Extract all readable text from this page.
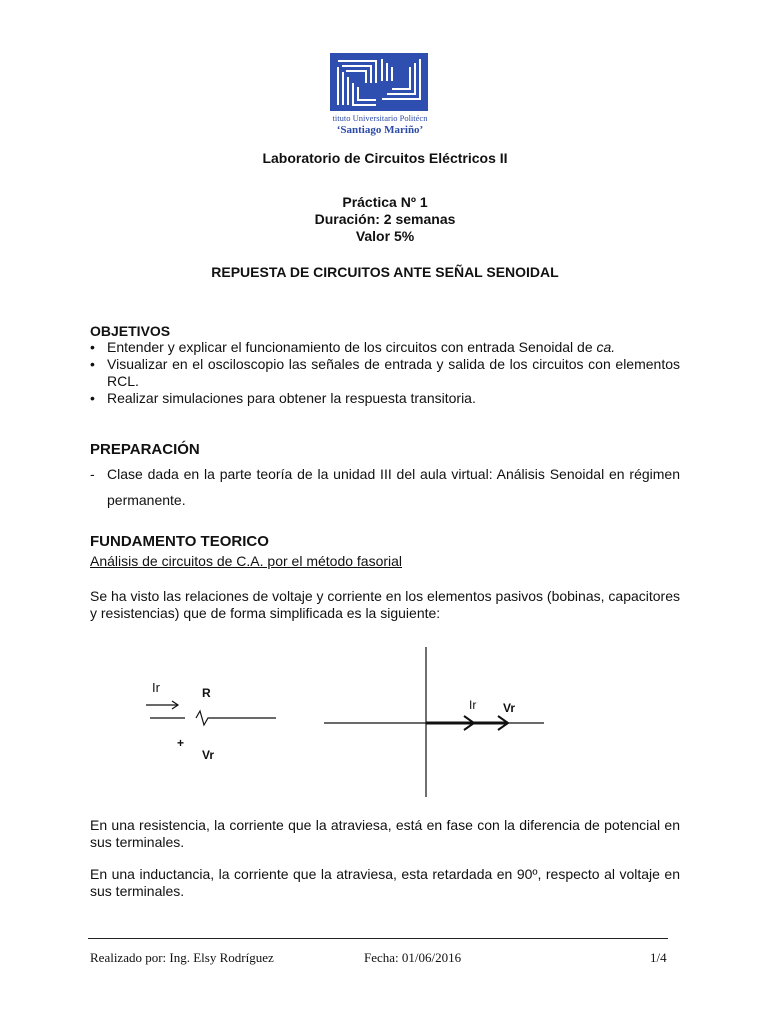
tituto Universitario Politécn
‘Santiago Mariño’
Laboratorio de Circuitos Eléctricos II
Práctica Nº 1
Duración: 2 semanas
Valor 5%
REPUESTA DE CIRCUITOS ANTE SEÑAL SENOIDAL
OBJETIVOS
• Entender y explicar el funcionamiento de los circuitos con entrada Senoidal de ca.
• Visualizar en el osciloscopio las señales de entrada y salida de los circuitos con elementos RCL.
• Realizar simulaciones para obtener la respuesta transitoria.
PREPARACIÓN
- Clase dada en la parte teoría de la unidad III del aula virtual: Análisis Senoidal en régimen permanente.
FUNDAMENTO TEORICO
Análisis de circuitos de C.A. por el método fasorial
Se ha visto las relaciones de voltaje y corriente en los elementos pasivos (bobinas, capacitores y resistencias) que de forma simplificada es la siguiente:
Ir	R
+
Vr
Ir Vr
En una resistencia, la corriente que la atraviesa, está en fase con la diferencia de potencial en sus terminales.
En una inductancia, la corriente que la atraviesa, esta retardada en 90º, respecto al voltaje en sus terminales.
Realizado por: Ing. Elsy Rodríguez	Fecha: 01/06/2016	1/4
